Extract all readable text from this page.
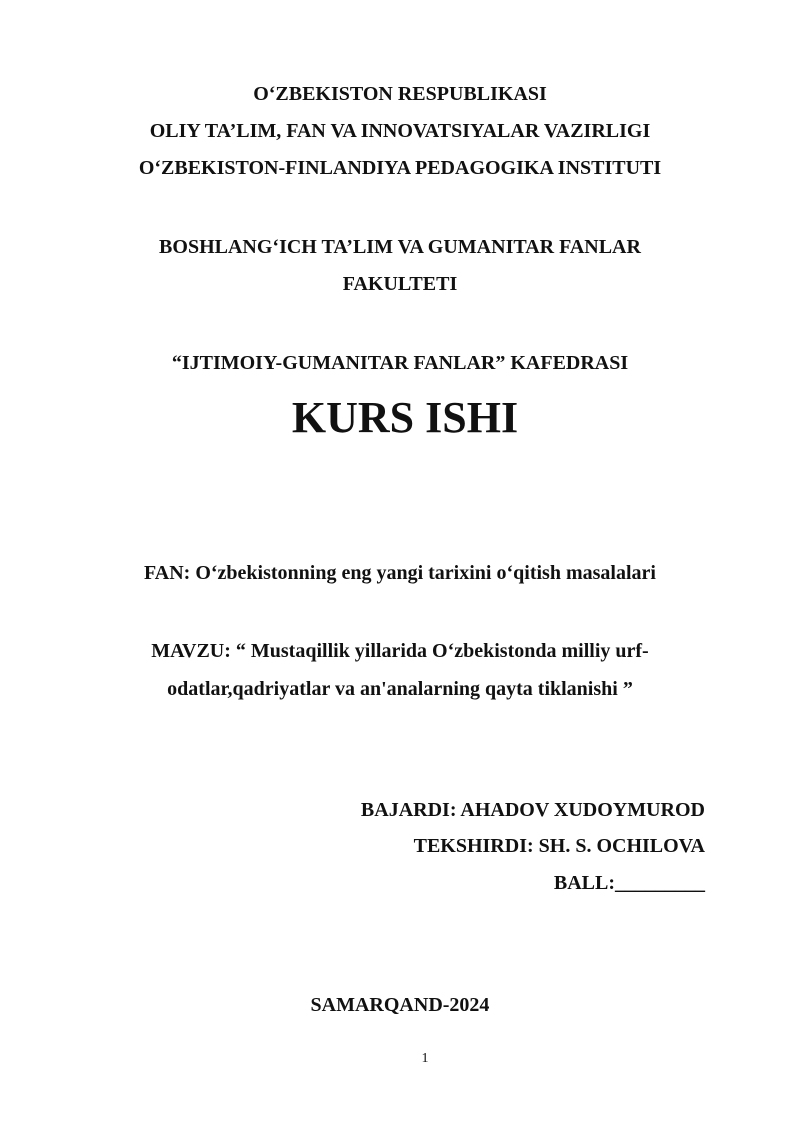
O‘ZBEKISTON RESPUBLIKASI
OLIY TA’LIM, FAN VA INNOVATSIYALAR VAZIRLIGI
O‘ZBEKISTON-FINLANDIYA PEDAGOGIKA INSTITUTI
BOSHLANG‘ICH TA’LIM VA GUMANITAR FANLAR
FAKULTETI
“IJTIMOIY-GUMANITAR FANLAR” KAFEDRASI
KURS ISHI
FAN: O‘zbekistonning eng yangi tarixini o‘qitish masalalari
MAVZU: “ Mustaqillik yillarida O‘zbekistonda milliy urf-
odatlar,qadriyatlar va an'analarning qayta tiklanishi ”
BAJARDI: AHADOV XUDOYMUROD
TEKSHIRDI: SH. S. OCHILOVA
BALL:_________
SAMARQAND-2024
1
